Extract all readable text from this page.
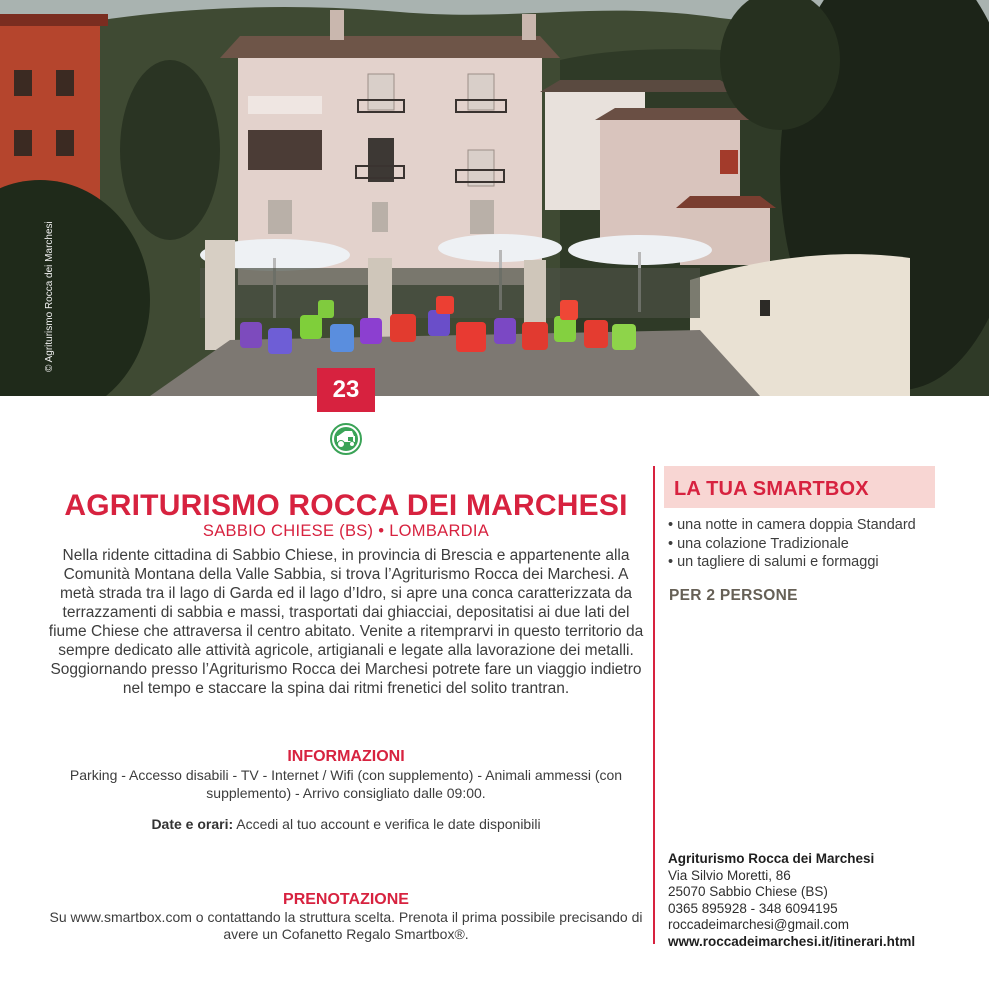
© Agriturismo Rocca dei Marchesi
23
AGRITURISMO ROCCA DEI MARCHESI
SABBIO CHIESE (BS) • LOMBARDIA

Nella ridente cittadina di Sabbio Chiese, in provincia di Brescia e appartenente alla Comunità Montana della Valle Sabbia, si trova l’Agriturismo Rocca dei Marchesi. A metà strada tra il lago di Garda ed il lago d’Idro, si apre una conca caratterizzata da terrazzamenti di sabbia e massi, trasportati dai ghiacciai, depositatisi ai due lati del fiume Chiese che attraversa il centro abitato. Venite a ritemprarvi in questo territorio da sempre dedicato alle attività agricole, artigianali e legate alla lavorazione dei metalli. Soggiornando presso l’Agriturismo Rocca dei Marchesi potrete fare un viaggio indietro nel tempo e staccare la spina dai ritmi frenetici del solito trantran.

INFORMAZIONI
Parking - Accesso disabili - TV - Internet / Wifi (con supplemento) - Animali ammessi (con supplemento) - Arrivo consigliato dalle 09:00.
Date e orari: Accedi al tuo account e verifica le date disponibili
PRENOTAZIONE
Su www.smartbox.com o contattando la struttura scelta. Prenota il prima possibile precisando di avere un Cofanetto Regalo Smartbox®.
LA TUA SMARTBOX
• una notte in camera doppia Standard
• una colazione Tradizionale
• un tagliere di salumi e formaggi
PER 2 PERSONE
Agriturismo Rocca dei Marchesi
Via Silvio Moretti, 86
25070 Sabbio Chiese (BS)
0365 895928 - 348 6094195
roccadeimarchesi@gmail.com
www.roccadeimarchesi.it/itinerari.html
